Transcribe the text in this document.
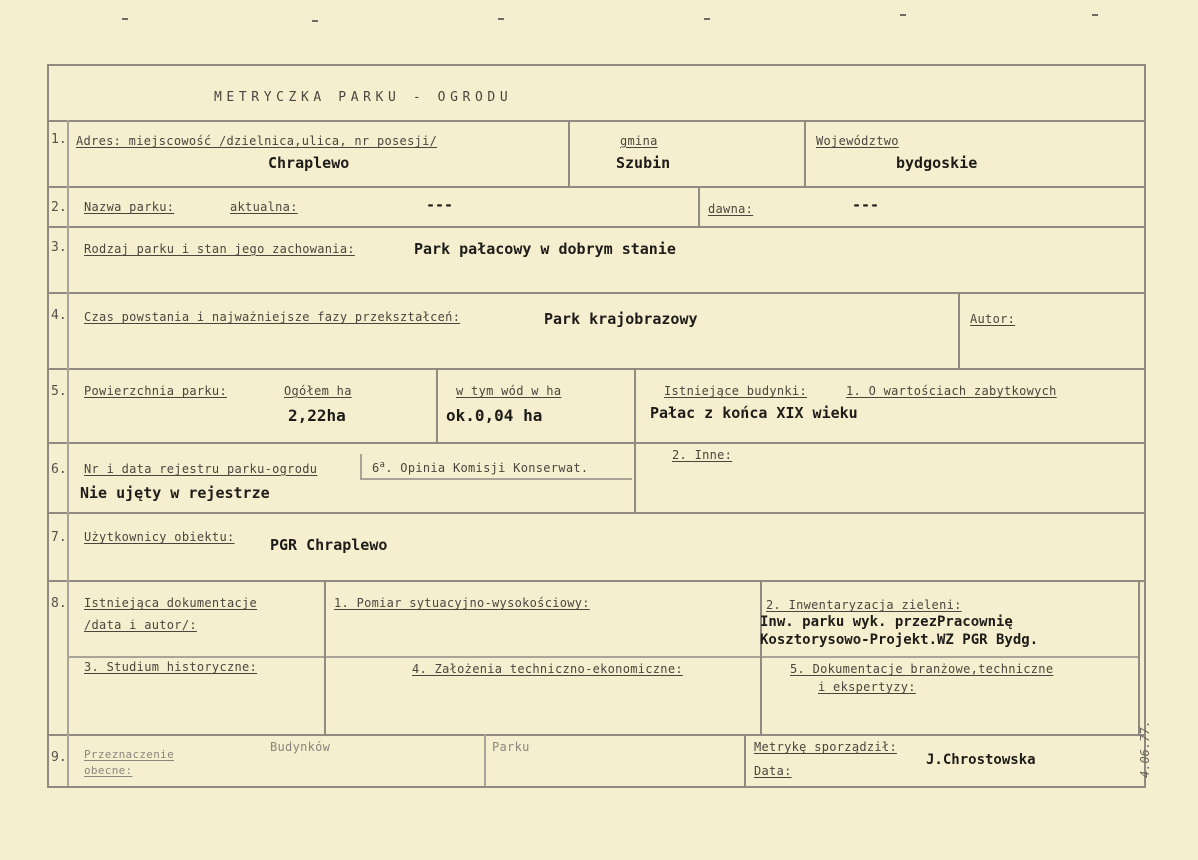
METRYCZKA PARKU - OGRODU
1. Adres: miejscowość /dzielnica,ulica, nr posesji/
Chraplewo
gmina
Szubin
Województwo
bydgoskie
2. Nazwa parku:	aktualna:	---	dawna:	---
3. Rodzaj parku i stan jego zachowania:	Park pałacowy w dobrym stanie
4. Czas powstania i najważniejsze fazy przekształceń:	Park krajobrazowy	Autor:
5. Powierzchnia parku:	Ogółem ha
2,22ha
w tym wód w ha
ok.0,04 ha
Istniejące budynki:	1. O wartościach zabytkowych
Pałac z końca XIX wieku
6. Nr i data rejestru parku-ogrodu
Nie ujęty w rejestrze
6$^a$. Opinia Komisji Konserwat.
2. Inne:
7. Użytkownicy obiektu: PGR Chraplewo
8. Istniejąca dokumentacje
/data i autor/:
1. Pomiar sytuacyjno-wysokościowy:	2. Inwentaryzacja zieleni:
Inw. parku wyk. przezPracownię
Kosztorysowo-Projekt.WZ PGR Bydg.
3. Studium historyczne:	4. Założenia techniczno-ekonomiczne:	5. Dokumentacje branżowe,techniczne
i ekspertyzy:
9. Przeznaczenie
obecne:
Budynków	Parku	Metrykę sporządził:
J.Chrostowska
Data:	4.06.77.
